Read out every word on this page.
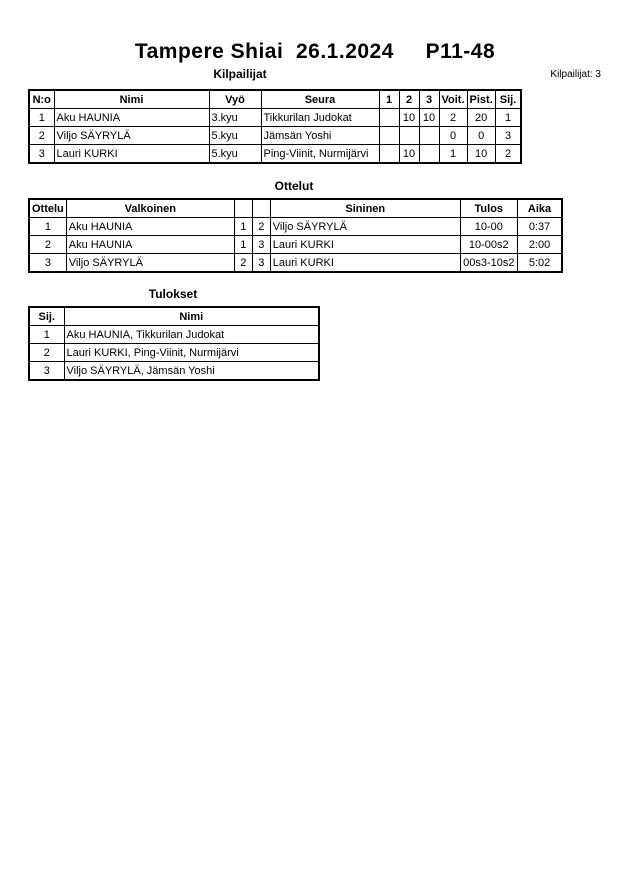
Tampere Shiai  26.1.2024     P11-48
Kilpailijat	Kilpailijat: 3
N:o	Nimi	Vyö	Seura	1	2	3	Voit.	Pist.	Sij.
1	Aku HAUNIA	3.kyu	Tikkurilan Judokat		10	10	2	20	1
2	Viljo SÄYRYLÄ	5.kyu	Jämsän Yoshi				0	0	3
3	Lauri KURKI	5.kyu	Ping-Viinit, Nurmijärvi		10		1	10	2
Ottelut
Ottelu	Valkoinen			Sininen	Tulos	Aika
1	Aku HAUNIA	1	2	Viljo SÄYRYLÄ	10-00	0:37
2	Aku HAUNIA	1	3	Lauri KURKI	10-00s2	2:00
3	Viljo SÄYRYLÄ	2	3	Lauri KURKI	00s3-10s2	5:02
Tulokset
Sij.	Nimi
1	Aku HAUNIA, Tikkurilan Judokat
2	Lauri KURKI, Ping-Viinit, Nurmijärvi
3	Viljo SÄYRYLÄ, Jämsän Yoshi
